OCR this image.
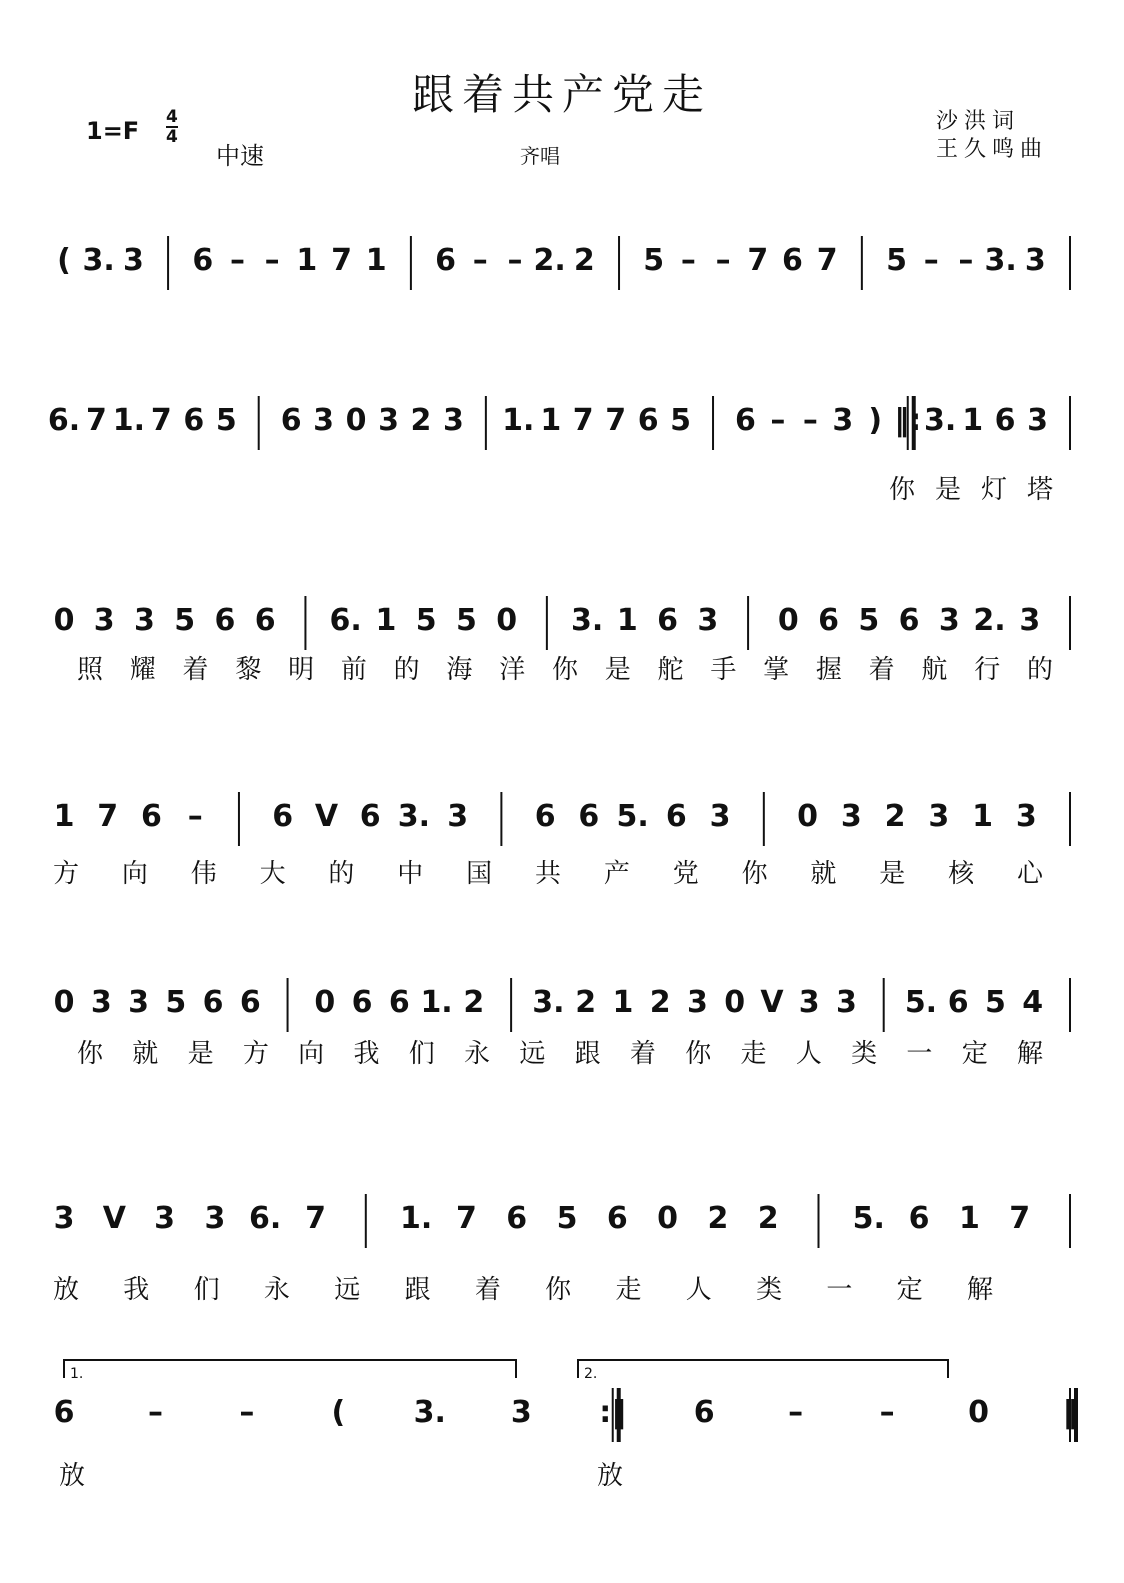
跟着共产党走
1=F 4
4
中速	齐唱
沙洪词
王久鸣曲
( 3. 3 | 6 – – 1 7 1 | 6 – – 2. 2 | 5 – – 7 6 7 | 5 – – 3. 3 |
6. 7 1. 7 6 5 | 6 3 0 3 2 3 | 1. 1 7 7 6 5 | 6 – – 3 ) ‖: 3. 1 6 3 |
你 是 灯 塔
0 3 3 5 6 6 | 6. 1 5 5 0 | 3. 1 6 3 | 0 6 5 6 3 2. 3 |
照 耀 着 黎 明 前 的 海 洋 你 是 舵 手 掌 握 着 航 行 的
1 7 6 – | 6 V 6 3. 3 | 6 6 5. 6 3 | 0 3 2 3 1 3 |
方 向 伟 大 的 中 国 共 产 党 你 就 是 核 心
0 3 3 5 6 6 | 0 6 6 1. 2 | 3. 2 1 2 3 0 V 3 3 | 5. 6 5 4 |
你 就 是 方 向 我 们 永 远 跟 着 你 走 人 类 一 定 解
3 V 3 3 6. 7 | 1. 7 6 5 6 0 2 2 | 5. 6 1 7 |
放 我 们 永 远 跟 着 你 走 人 类 一 定 解
6 –	–	( 3. 3 :‖ 6 –	– 0 ‖
放	放
1.	2.
